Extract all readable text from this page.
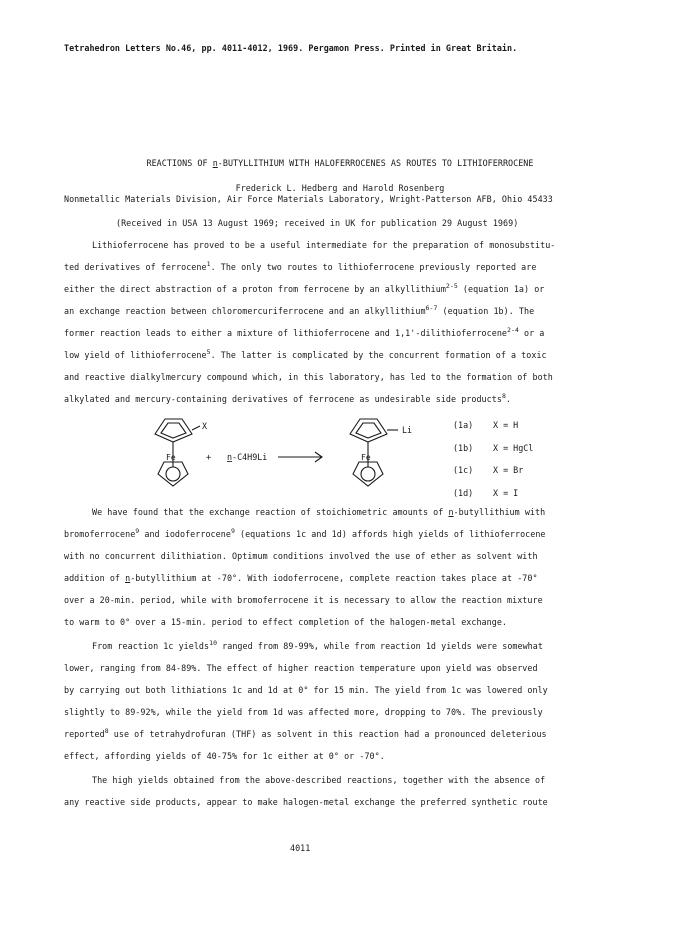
Tetrahedron Letters No.46, pp. 4011-4012, 1969. Pergamon Press. Printed in Great Britain.
REACTIONS OF n-BUTYLLITHIUM WITH HALOFERROCENES AS ROUTES TO LITHIOFERROCENE
Frederick L. Hedberg and Harold Rosenberg
Nonmetallic Materials Division, Air Force Materials Laboratory, Wright-Patterson AFB, Ohio 45433
(Received in USA 13 August 1969; received in UK for publication 29 August 1969)
Lithioferrocene has proved to be a useful intermediate for the preparation of monosubstitu-
ted derivatives of ferrocene$^1$. The only two routes to lithioferrocene previously reported are
either the direct abstraction of a proton from ferrocene by an alkyllithium$^{2-5}$ (equation 1a) or
an exchange reaction between chloromercuriferrocene and an alkyllithium$^{6-7}$ (equation 1b). The
former reaction leads to either a mixture of lithioferrocene and 1,1'-dilithioferrocene$^{2-4}$ or a
low yield of lithioferrocene$^5$. The latter is complicated by the concurrent formation of a toxic
and reactive dialkylmercury compound which, in this laboratory, has led to the formation of both
alkylated and mercury-containing derivatives of ferrocene as undesirable side products$^8$.
X
Fe	+ n-C4H9Li
Li
Fe
(1a) X = H
(1b) X = HgCl
(1c) X = Br
(1d) X = I
We have found that the exchange reaction of stoichiometric amounts of n-butyllithium with
bromoferrocene$^9$ and iodoferrocene$^9$ (equations 1c and 1d) affords high yields of lithioferrocene
with no concurrent dilithiation. Optimum conditions involved the use of ether as solvent with
addition of n-butyllithium at -70°. With iodoferrocene, complete reaction takes place at -70°
over a 20-min. period, while with bromoferrocene it is necessary to allow the reaction mixture
to warm to 0° over a 15-min. period to effect completion of the halogen-metal exchange.
From reaction 1c yields$^{10}$ ranged from 89-99%, while from reaction 1d yields were somewhat
lower, ranging from 84-89%. The effect of higher reaction temperature upon yield was observed
by carrying out both lithiations 1c and 1d at 0° for 15 min. The yield from 1c was lowered only
slightly to 89-92%, while the yield from 1d was affected more, dropping to 70%. The previously
reported$^8$ use of tetrahydrofuran (THF) as solvent in this reaction had a pronounced deleterious
effect, affording yields of 40-75% for 1c either at 0° or -70°.
The high yields obtained from the above-described reactions, together with the absence of
any reactive side products, appear to make halogen-metal exchange the preferred synthetic route
4011
